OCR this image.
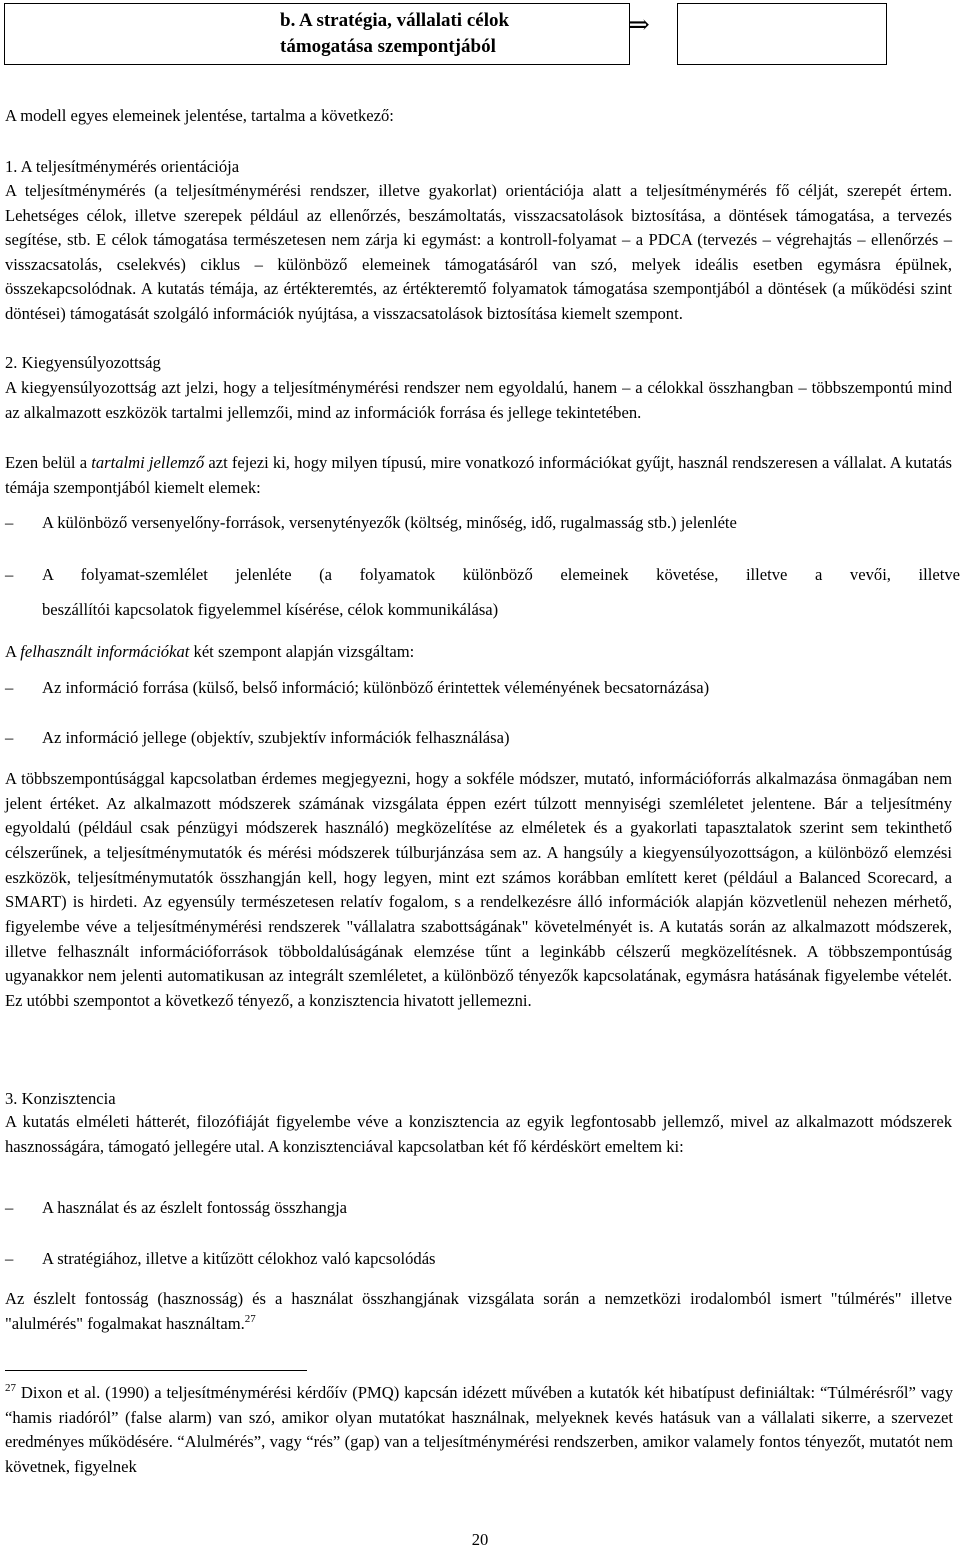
b. A stratégia, vállalati célok
támogatása szempontjából
⇒
A modell egyes elemeinek jelentése, tartalma a következő:
1. A teljesítménymérés orientációja
A teljesítménymérés (a teljesítménymérési rendszer, illetve gyakorlat) orientációja alatt a teljesítménymérés fő célját, szerepét értem. Lehetséges célok, illetve szerepek például az ellenőrzés, beszámoltatás, visszacsatolások biztosítása, a döntések támogatása, a tervezés segítése, stb. E célok támogatása természetesen nem zárja ki egymást: a kontroll-folyamat – a PDCA (tervezés – végrehajtás – ellenőrzés – visszacsatolás, cselekvés) ciklus – különböző elemeinek támogatásáról van szó, melyek ideális esetben egymásra épülnek, összekapcsolódnak. A kutatás témája, az értékteremtés, az értékteremtő folyamatok támogatása szempontjából a döntések (a működési szint döntései) támogatását szolgáló információk nyújtása, a visszacsatolások biztosítása kiemelt szempont.
2. Kiegyensúlyozottság
A kiegyensúlyozottság azt jelzi, hogy a teljesítménymérési rendszer nem egyoldalú, hanem – a célokkal összhangban – többszempontú mind az alkalmazott eszközök tartalmi jellemzői, mind az információk forrása és jellege tekintetében.
Ezen belül a tartalmi jellemző azt fejezi ki, hogy milyen típusú, mire vonatkozó információkat gyűjt, használ rendszeresen a vállalat. A kutatás témája szempontjából kiemelt elemek:
– A különböző versenyelőny-források, versenytényezők (költség, minőség, idő, rugalmasság stb.) jelenléte
– A folyamat-szemlélet jelenléte (a folyamatok különböző elemeinek követése, illetve a vevői, illetve
beszállítói kapcsolatok figyelemmel kísérése, célok kommunikálása)
A felhasznált információkat két szempont alapján vizsgáltam:
– Az információ forrása (külső, belső információ; különböző érintettek véleményének becsatornázása)
– Az információ jellege (objektív, szubjektív információk felhasználása)
A többszempontúsággal kapcsolatban érdemes megjegyezni, hogy a sokféle módszer, mutató, információforrás alkalmazása önmagában nem jelent értéket. Az alkalmazott módszerek számának vizsgálata éppen ezért túlzott mennyiségi szemléletet jelentene. Bár a teljesítmény egyoldalú (például csak pénzügyi módszerek használó) megközelítése az elméletek és a gyakorlati tapasztalatok szerint sem tekinthető célszerűnek, a teljesítménymutatók és mérési módszerek túlburjánzása sem az. A hangsúly a kiegyensúlyozottságon, a különböző elemzési eszközök, teljesítménymutatók összhangján kell, hogy legyen, mint ezt számos korábban említett keret (például a Balanced Scorecard, a SMART) is hirdeti. Az egyensúly természetesen relatív fogalom, s a rendelkezésre álló információk alapján közvetlenül nehezen mérhető, figyelembe véve a teljesítménymérési rendszerek "vállalatra szabottságának" követelményét is. A kutatás során az alkalmazott módszerek, illetve felhasznált információforrások többoldalúságának elemzése tűnt a leginkább célszerű megközelítésnek. A többszempontúság ugyanakkor nem jelenti automatikusan az integrált szemléletet, a különböző tényezők kapcsolatának, egymásra hatásának figyelembe vételét. Ez utóbbi szempontot a következő tényező, a konzisztencia hivatott jellemezni.
3. Konzisztencia
A kutatás elméleti hátterét, filozófiáját figyelembe véve a konzisztencia az egyik legfontosabb jellemző, mivel az alkalmazott módszerek hasznosságára, támogató jellegére utal. A konzisztenciával kapcsolatban két fő kérdéskört emeltem ki:
– A használat és az észlelt fontosság összhangja
– A stratégiához, illetve a kitűzött célokhoz való kapcsolódás
Az észlelt fontosság (hasznosság) és a használat összhangjának vizsgálata során a nemzetközi irodalomból ismert "túlmérés" illetve "alulmérés" fogalmakat használtam.$^{27}$
$^{27}$ Dixon et al. (1990) a teljesítménymérési kérdőív (PMQ) kapcsán idézett művében a kutatók két hibatípust definiáltak: “Túlmérésről” vagy “hamis riadóról” (false alarm) van szó, amikor olyan mutatókat használnak, melyeknek kevés hatásuk van a vállalati sikerre, a szervezet eredményes működésére. “Alulmérés”, vagy “rés” (gap) van a teljesítménymérési rendszerben, amikor valamely fontos tényezőt, mutatót nem követnek, figyelnek
20
